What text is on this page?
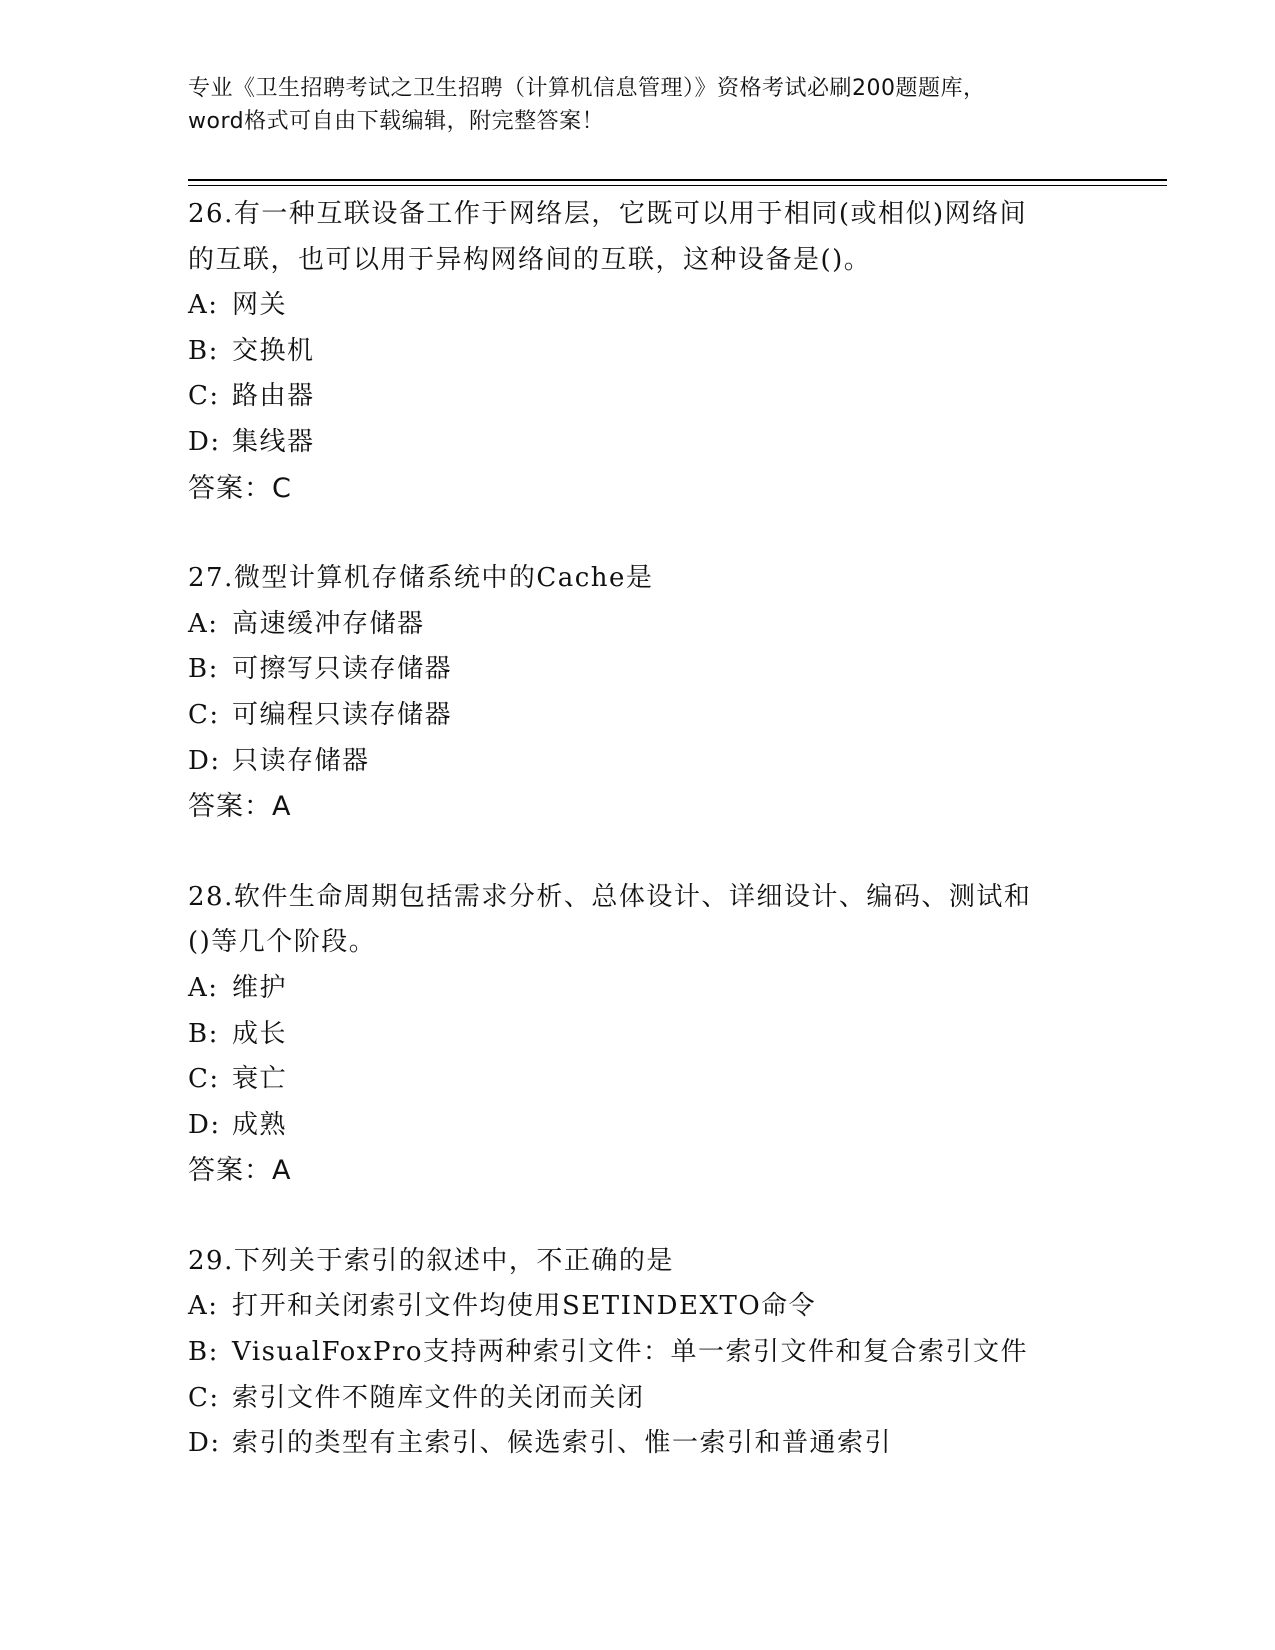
专业《卫生招聘考试之卫生招聘（计算机信息管理）》资格考试必刷200题题库，
word格式可自由下载编辑，附完整答案！
26.有一种互联设备工作于网络层，它既可以用于相同(或相似)网络间
的互联，也可以用于异构网络间的互联，这种设备是()。
A: 网关
B: 交换机
C: 路由器
D: 集线器
答案：C
27.微型计算机存储系统中的Cache是
A: 高速缓冲存储器
B: 可擦写只读存储器
C: 可编程只读存储器
D: 只读存储器
答案：A
28.软件生命周期包括需求分析、总体设计、详细设计、编码、测试和
()等几个阶段。
A: 维护
B: 成长
C: 衰亡
D: 成熟
答案：A
29.下列关于索引的叙述中，不正确的是
A: 打开和关闭索引文件均使用SETINDEXTO命令
B: VisualFoxPro支持两种索引文件：单一索引文件和复合索引文件
C: 索引文件不随库文件的关闭而关闭
D: 索引的类型有主索引、候选索引、惟一索引和普通索引
